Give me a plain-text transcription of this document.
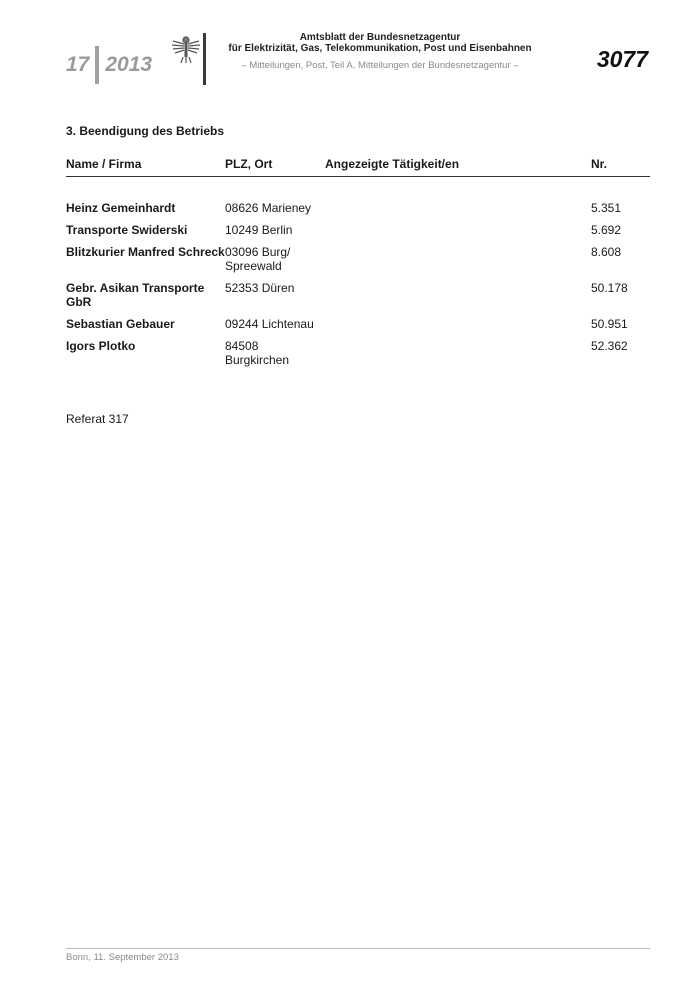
17 2013
Amtsblatt der Bundesnetzagentur
für Elektrizität, Gas, Telekommunikation, Post und Eisenbahnen
– Mitteilungen, Post, Teil A, Mitteilungen der Bundesnetzagentur –	3077
3. Beendigung des Betriebs
Name / Firma	PLZ, Ort	Angezeigte Tätigkeit/en	Nr.

Heinz Gemeinhardt	08626 Marieney		5.351
Transporte Swiderski	10249 Berlin		5.692
Blitzkurier Manfred Schreck	03096 Burg/ Spreewald		8.608
Gebr. Asikan Transporte GbR	52353 Düren		50.178
Sebastian Gebauer	09244 Lichtenau		50.951
Igors Plotko	84508 Burgkirchen		52.362
Referat 317
Bonn, 11. September 2013
